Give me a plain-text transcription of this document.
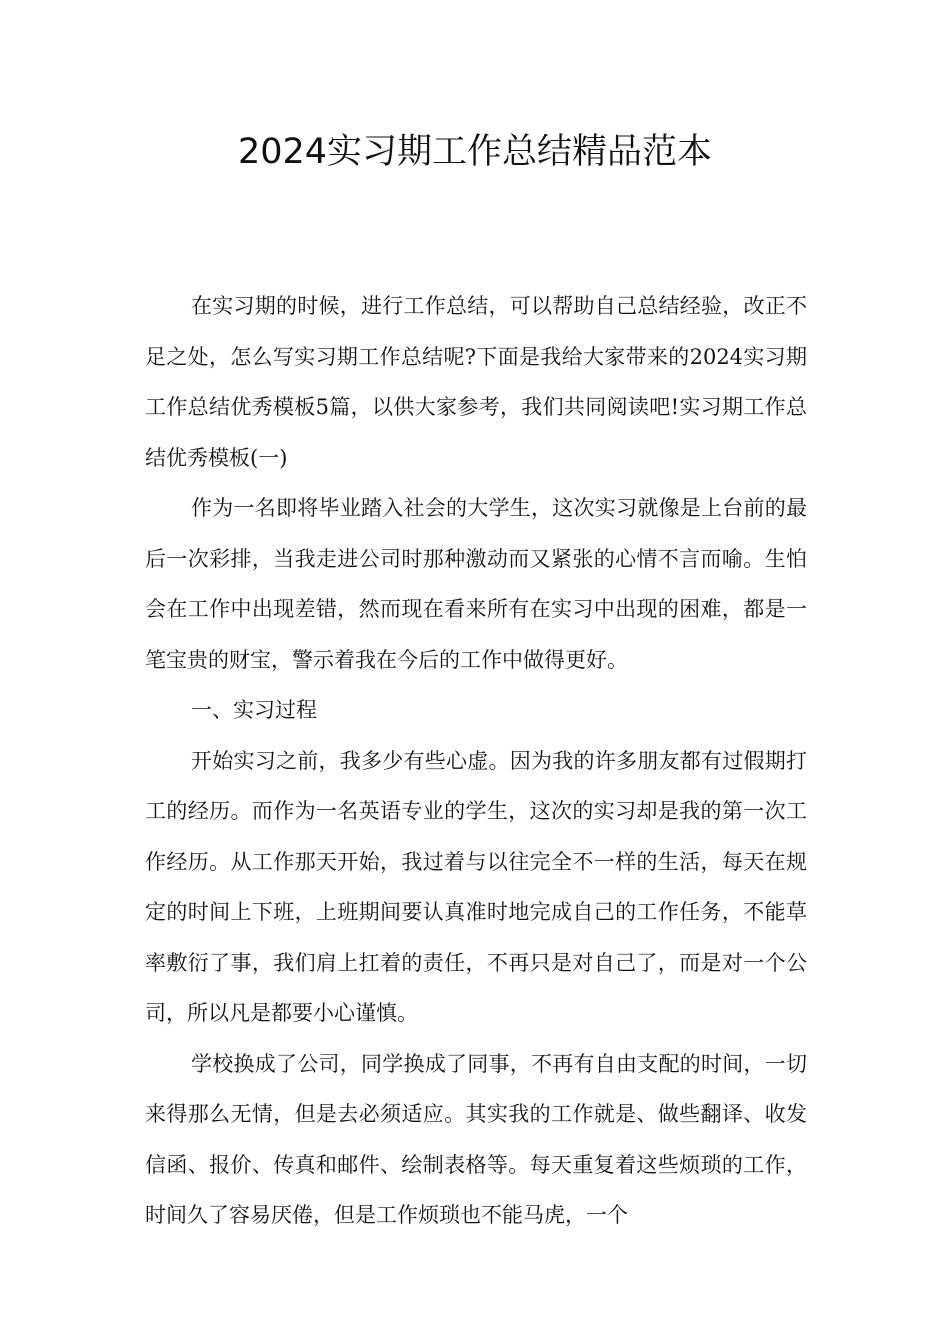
2024实习期工作总结精品范本

在实习期的时候，进行工作总结，可以帮助自己总结经验，改正不足之处，怎么写实习期工作总结呢?下面是我给大家带来的2024实习期工作总结优秀模板5篇，以供大家参考，我们共同阅读吧!实习期工作总结优秀模板(一)

作为一名即将毕业踏入社会的大学生，这次实习就像是上台前的最后一次彩排，当我走进公司时那种激动而又紧张的心情不言而喻。生怕会在工作中出现差错，然而现在看来所有在实习中出现的困难，都是一笔宝贵的财宝，警示着我在今后的工作中做得更好。

一、实习过程

开始实习之前，我多少有些心虚。因为我的许多朋友都有过假期打工的经历。而作为一名英语专业的学生，这次的实习却是我的第一次工作经历。从工作那天开始，我过着与以往完全不一样的生活，每天在规定的时间上下班，上班期间要认真准时地完成自己的工作任务，不能草率敷衍了事，我们肩上扛着的责任，不再只是对自己了，而是对一个公司，所以凡是都要小心谨慎。

学校换成了公司，同学换成了同事，不再有自由支配的时间，一切来得那么无情，但是去必须适应。其实我的工作就是、做些翻译、收发信函、报价、传真和邮件、绘制表格等。每天重复着这些烦琐的工作，时间久了容易厌倦，但是工作烦琐也不能马虎，一个
